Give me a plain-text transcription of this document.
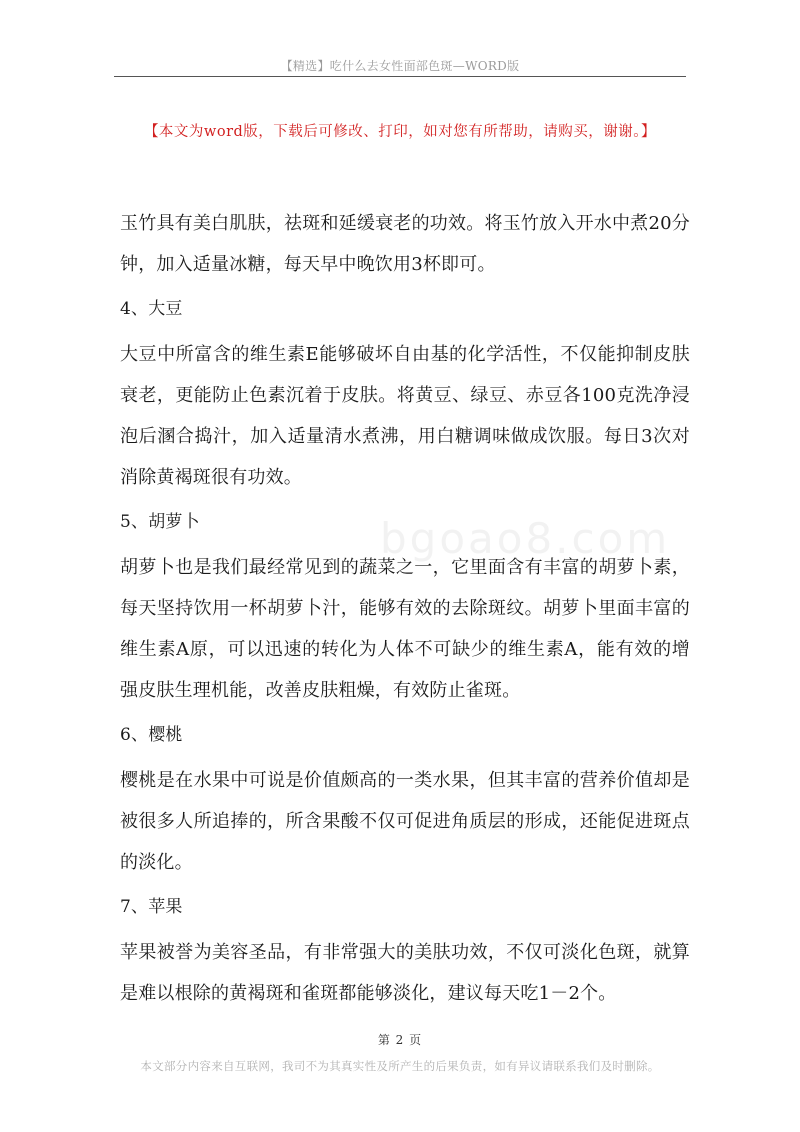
【精选】吃什么去女性面部色斑—WORD版
【本文为word版，下载后可修改、打印，如对您有所帮助，请购买，谢谢。】
bgoao8.com

玉竹具有美白肌肤，祛斑和延缓衰老的功效。将玉竹放入开水中煮20分钟，加入适量冰糖，每天早中晚饮用3杯即可。

4、大豆

大豆中所富含的维生素E能够破坏自由基的化学活性，不仅能抑制皮肤衰老，更能防止色素沉着于皮肤。将黄豆、绿豆、赤豆各100克洗净浸泡后溷合捣汁，加入适量清水煮沸，用白糖调味做成饮服。每日3次对消除黄褐斑很有功效。

5、胡萝卜

胡萝卜也是我们最经常见到的蔬菜之一，它里面含有丰富的胡萝卜素，每天坚持饮用一杯胡萝卜汁，能够有效的去除斑纹。胡萝卜里面丰富的维生素A原，可以迅速的转化为人体不可缺少的维生素A，能有效的增强皮肤生理机能，改善皮肤粗燥，有效防止雀斑。

6、樱桃

樱桃是在水果中可说是价值颇高的一类水果，但其丰富的营养价值却是被很多人所追捧的，所含果酸不仅可促进角质层的形成，还能促进斑点的淡化。

7、苹果

苹果被誉为美容圣品，有非常强大的美肤功效，不仅可淡化色斑，就算是难以根除的黄褐斑和雀斑都能够淡化，建议每天吃1－2个。

第 2 页
本文部分内容来自互联网，我司不为其真实性及所产生的后果负责，如有异议请联系我们及时删除。
